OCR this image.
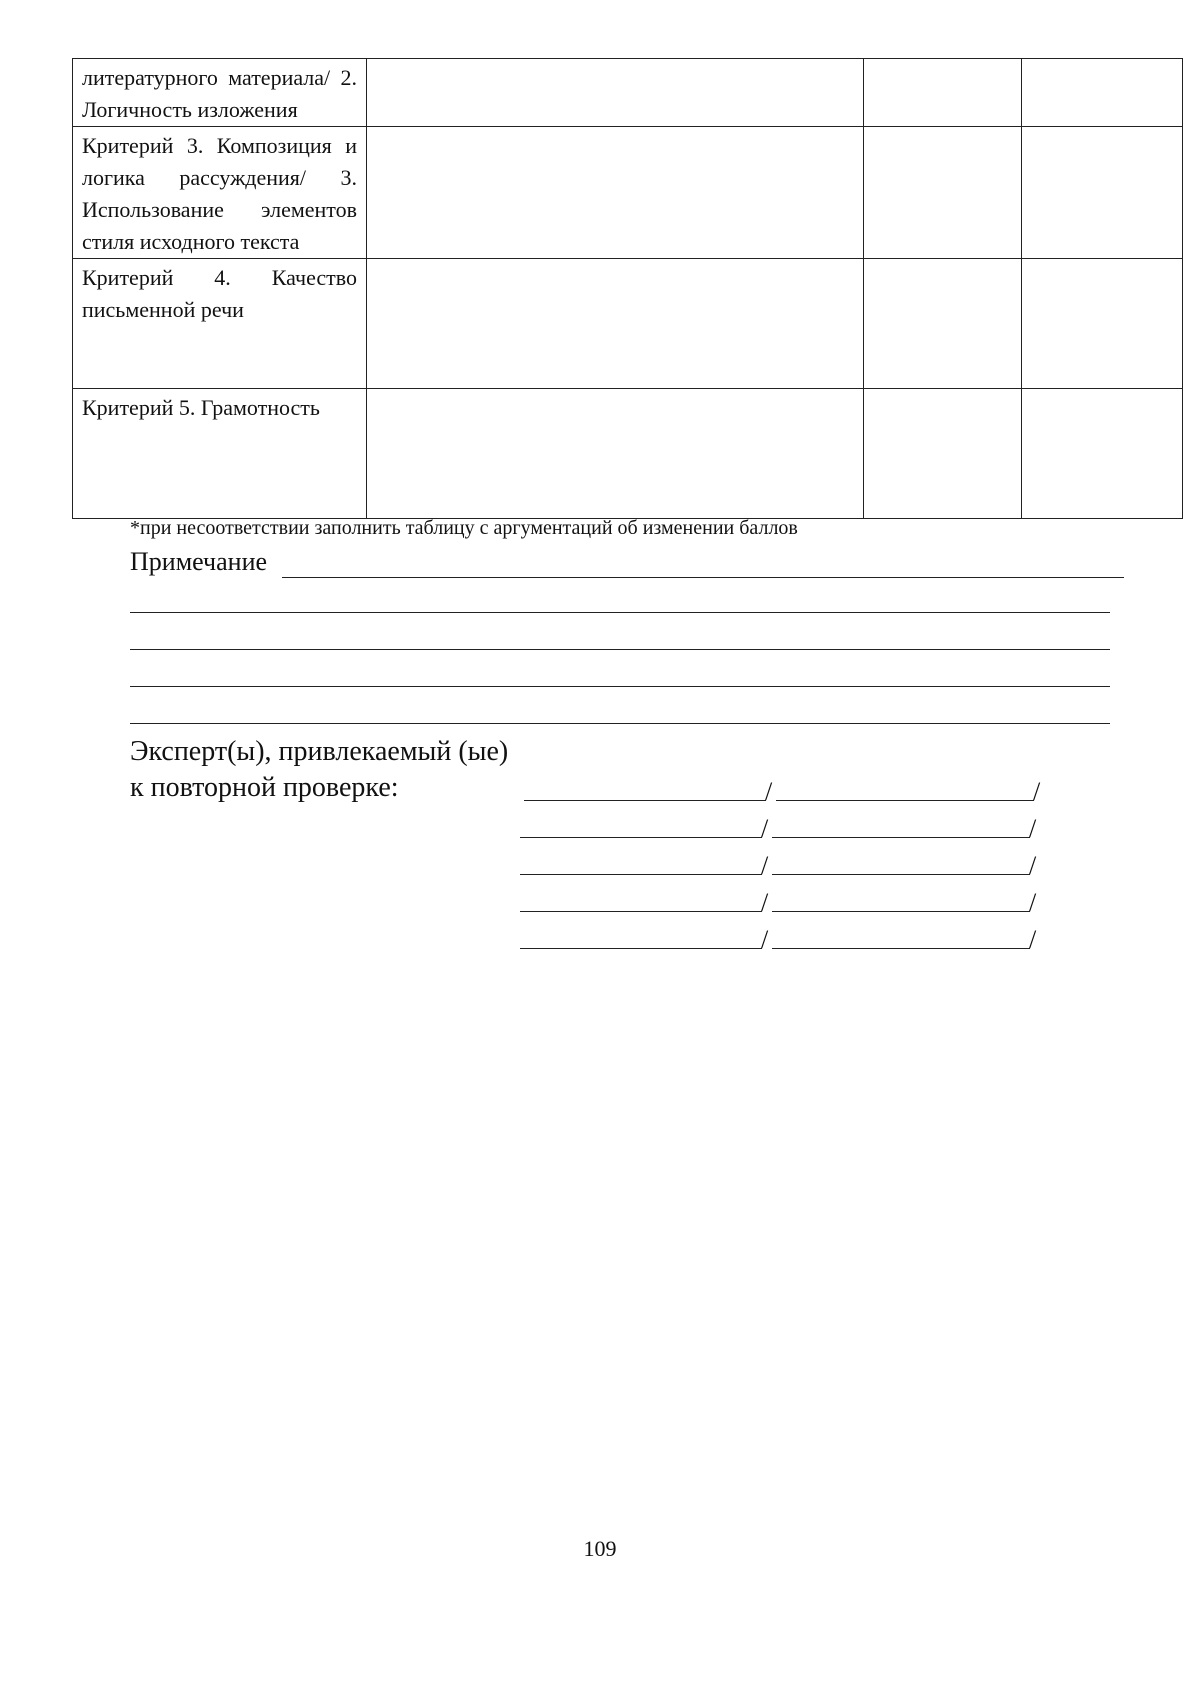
литературного материала/ 2. Логичность изложения			

Критерий 3. Композиция и логика рассуждения/ 3. Использование элементов стиля исходного текста			

Критерий 4. Качество письменной речи			

Критерий 5. Грамотность			

*при несоответствии заполнить таблицу с аргументаций об изменении баллов
Примечание
Эксперт(ы), привлекаемый (ые)
к повторной проверке:	/	/
/	/
/	/
/	/
/	/
109
